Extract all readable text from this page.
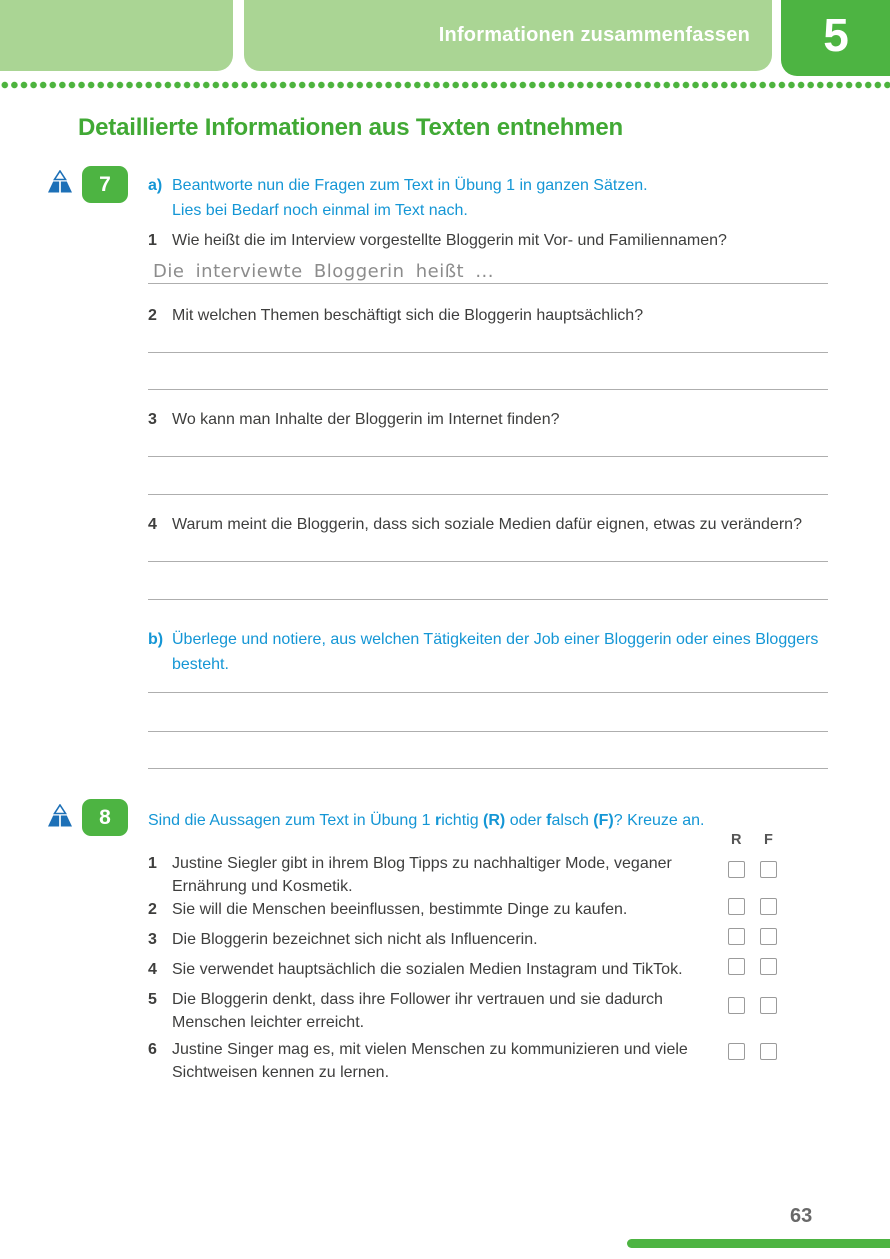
Informationen zusammenfassen 5
Detaillierte Informationen aus Texten entnehmen
7	a) Beantworte nun die Fragen zum Text in Übung 1 in ganzen Sätzen.
Lies bei Bedarf noch einmal im Text nach.
1 Wie heißt die im Interview vorgestellte Bloggerin mit Vor- und Familiennamen?
Die interviewte Bloggerin heißt ...
2 Mit welchen Themen beschäftigt sich die Bloggerin hauptsächlich?
3 Wo kann man Inhalte der Bloggerin im Internet finden?
4 Warum meint die Bloggerin, dass sich soziale Medien dafür eignen, etwas zu verändern?
b) Überlege und notiere, aus welchen Tätigkeiten der Job einer Bloggerin oder eines Bloggers
besteht.
8	Sind die Aussagen zum Text in Übung 1 richtig (R) oder falsch (F)? Kreuze an.
R F
1 Justine Siegler gibt in ihrem Blog Tipps zu nachhaltiger Mode, veganer
Ernährung und Kosmetik.
2 Sie will die Menschen beeinflussen, bestimmte Dinge zu kaufen.
3 Die Bloggerin bezeichnet sich nicht als Influencerin.
4 Sie verwendet hauptsächlich die sozialen Medien Instagram und TikTok.
5 Die Bloggerin denkt, dass ihre Follower ihr vertrauen und sie dadurch
Menschen leichter erreicht.
6 Justine Singer mag es, mit vielen Menschen zu kommunizieren und viele
Sichtweisen kennen zu lernen.
63
